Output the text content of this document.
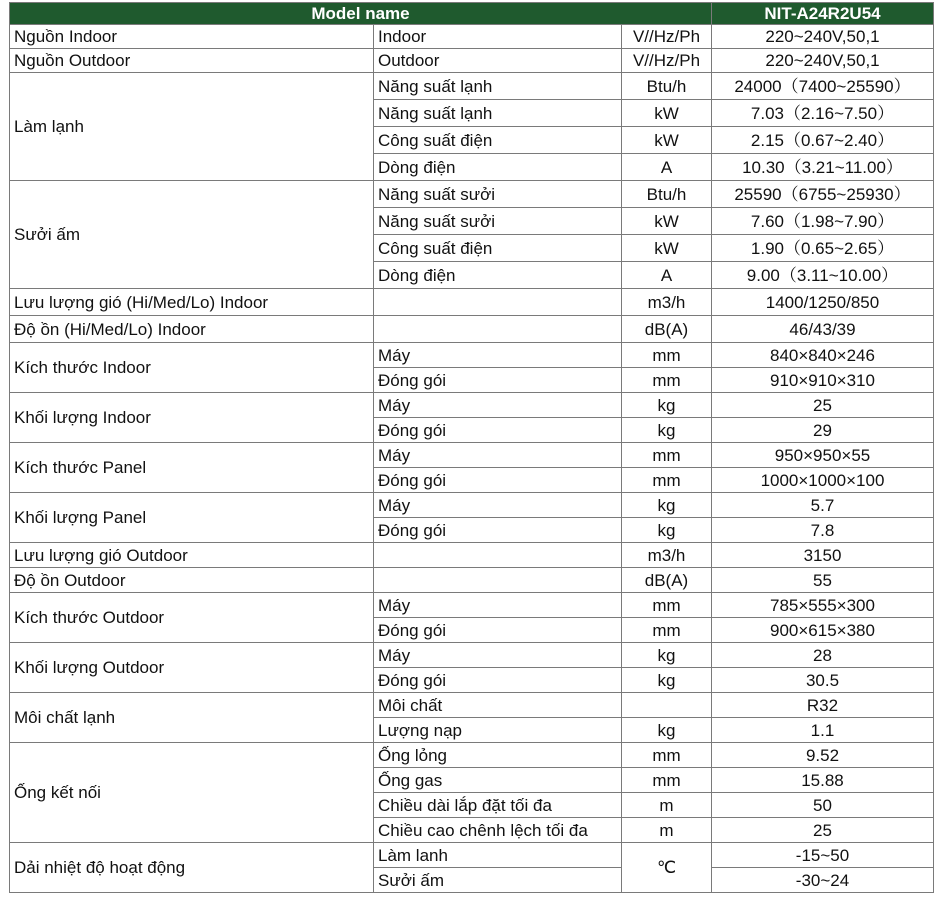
Model name			NIT-A24R2U54
Nguồn Indoor	Indoor	V//Hz/Ph	220~240V,50,1
Nguồn Outdoor	Outdoor	V//Hz/Ph	220~240V,50,1
Làm lạnh	Năng suất lạnh	Btu/h	24000（7400~25590）
	Năng suất lạnh	kW	7.03（2.16~7.50）
	Công suất điện	kW	2.15（0.67~2.40）
	Dòng điện	A	10.30（3.21~11.00）
Sưởi ấm	Năng suất sưởi	Btu/h	25590（6755~25930）
	Năng suất sưởi	kW	7.60（1.98~7.90）
	Công suất điện	kW	1.90（0.65~2.65）
	Dòng điện	A	9.00（3.11~10.00）
Lưu lượng gió (Hi/Med/Lo) Indoor		m3/h	1400/1250/850
Độ ồn (Hi/Med/Lo) Indoor		dB(A)	46/43/39
Kích thước Indoor	Máy	mm	840×840×246
	Đóng gói	mm	910×910×310
Khối lượng Indoor	Máy	kg	25
	Đóng gói	kg	29
Kích thước Panel	Máy	mm	950×950×55
	Đóng gói	mm	1000×1000×100
Khối lượng Panel	Máy	kg	5.7
	Đóng gói	kg	7.8
Lưu lượng gió Outdoor		m3/h	3150
Độ ồn Outdoor		dB(A)	55
Kích thước Outdoor	Máy	mm	785×555×300
	Đóng gói	mm	900×615×380
Khối lượng Outdoor	Máy	kg	28
	Đóng gói	kg	30.5
Môi chất lạnh	Môi chất		R32
	Lượng nạp	kg	1.1
Ống kết nối	Ống lỏng	mm	9.52
	Ống gas	mm	15.88
	Chiều dài lắp đặt tối đa	m	50
	Chiều cao chênh lệch tối đa	m	25
Dải nhiệt độ hoạt động	Làm lanh	℃	-15~50
	Sưởi ấm		-30~24
